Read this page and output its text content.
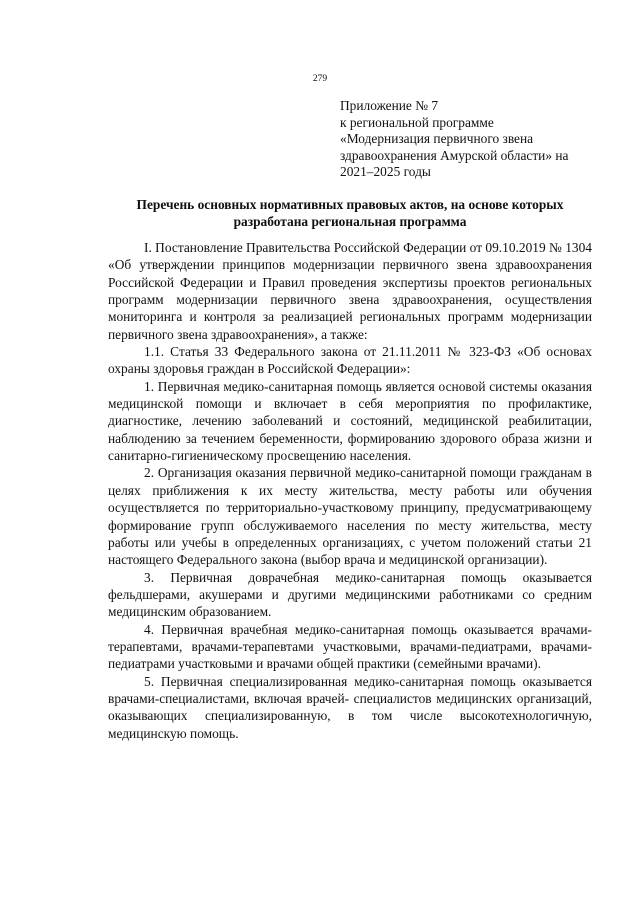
279
Приложение № 7
к региональной программе
«Модернизация первичного звена
здравоохранения Амурской области» на
2021–2025 годы
Перечень основных нормативных правовых актов, на основе которых
разработана региональная программа

I. Постановление Правительства Российской Федерации от 09.10.2019 № 1304 «Об утверждении принципов модернизации первичного звена здравоохранения Российской Федерации и Правил проведения экспертизы проектов региональных программ модернизации первичного звена здравоохранения, осуществления мониторинга и контроля за реализацией региональных программ модернизации первичного звена здравоохранения», а также:

1.1. Статья 33 Федерального закона от 21.11.2011 № 323-ФЗ «Об основах охраны здоровья граждан в Российской Федерации»:

1. Первичная медико-санитарная помощь является основой системы оказания медицинской помощи и включает в себя мероприятия по профилактике, диагностике, лечению заболеваний и состояний, медицинской реабилитации, наблюдению за течением беременности, формированию здорового образа жизни и санитарно-гигиеническому просвещению населения.

2. Организация оказания первичной медико-санитарной помощи гражданам в целях приближения к их месту жительства, месту работы или обучения осуществляется по территориально-участковому принципу, предусматривающему формирование групп обслуживаемого населения по месту жительства, месту работы или учебы в определенных организациях, с учетом положений статьи 21 настоящего Федерального закона (выбор врача и медицинской организации).

3. Первичная доврачебная медико-санитарная помощь оказывается фельдшерами, акушерами и другими медицинскими работниками со средним медицинским образованием.

4. Первичная врачебная медико-санитарная помощь оказывается врачами-терапевтами, врачами-терапевтами участковыми, врачами-педиатрами, врачами-педиатрами участковыми и врачами общей практики (семейными врачами).

5. Первичная специализированная медико-санитарная помощь оказывается врачами-специалистами, включая врачей- специалистов медицинских организаций, оказывающих специализированную, в том числе высокотехнологичную, медицинскую помощь.
